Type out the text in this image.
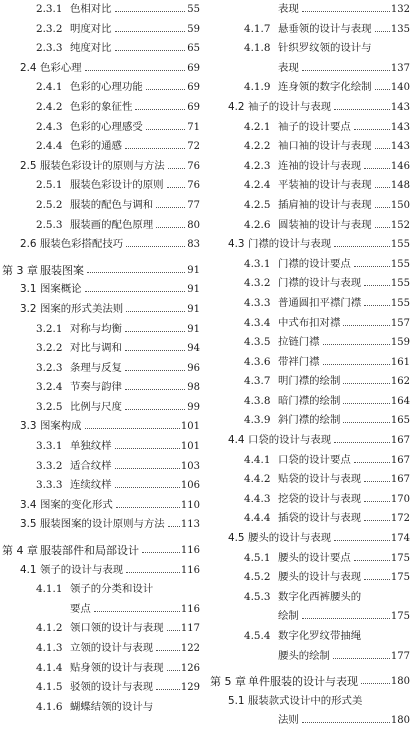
2.3.1 色相对比	55
2.3.2 明度对比	59
2.3.3 纯度对比	65
2.4 色彩心理	69
2.4.1 色彩的心理功能	69
2.4.2 色彩的象征性	69
2.4.3 色彩的心理感受	71
2.4.4 色彩的通感	72
2.5 服装色彩设计的原则与方法 76
2.5.1 服装色彩设计的原则 76
2.5.2 服装的配色与调和	77
2.5.3 服装画的配色原理	80
2.6 服装色彩搭配技巧	83
第 3 章 服装图案	91
3.1 图案概论	91
3.2 图案的形式美法则	91
3.2.1 对称与均衡	91
3.2.2 对比与调和	94
3.2.3 条理与反复	96
3.2.4 节奏与韵律	98
3.2.5 比例与尺度	99
3.3 图案构成	101
3.3.1 单独纹样	101
3.3.2 适合纹样	103
3.3.3 连续纹样	106
3.4 图案的变化形式	110
3.5 服装图案的设计原则与方法 113
第 4 章 服装部件和局部设计	116
4.1 领子的设计与表现	116
4.1.1 领子的分类和设计
要点	116
4.1.2 领口领的设计与表现 117
4.1.3 立领的设计与表现	122
4.1.4 贴身领的设计与表现 126
4.1.5 驳领的设计与表现	129
4.1.6 蝴蝶结领的设计与
表现	132
4.1.7 悬垂领的设计与表现 135
4.1.8 针织罗纹领的设计与
表现	137
4.1.9 连身领的数字化绘制 140
4.2 袖子的设计与表现	143
4.2.1 袖子的设计要点	143
4.2.2 袖口袖的设计与表现 143
4.2.3 连袖的设计与表现	146
4.2.4 平装袖的设计与表现 148
4.2.5 插肩袖的设计与表现 150
4.2.6 圆装袖的设计与表现 152
4.3 门襟的设计与表现	155
4.3.1 门襟的设计要点	155
4.3.2 门襟的设计与表现	155
4.3.3 普通圆扣平襟门襟	155
4.3.4 中式布扣对襟	157
4.3.5 拉链门襟	159
4.3.6 带袢门襟	161
4.3.7 明门襟的绘制	162
4.3.8 暗门襟的绘制	164
4.3.9 斜门襟的绘制	165
4.4 口袋的设计与表现	167
4.4.1 口袋的设计要点	167
4.4.2 贴袋的设计与表现	167
4.4.3 挖袋的设计与表现	170
4.4.4 插袋的设计与表现	172
4.5 腰头的设计与表现	174
4.5.1 腰头的设计要点	175
4.5.2 腰头的设计与表现	175
4.5.3 数字化西裤腰头的
绘制	175
4.5.4 数字化罗纹带抽绳
腰头的绘制	177
第 5 章 单件服装的设计与表现	180
5.1 服装款式设计中的形式美
法则	180
